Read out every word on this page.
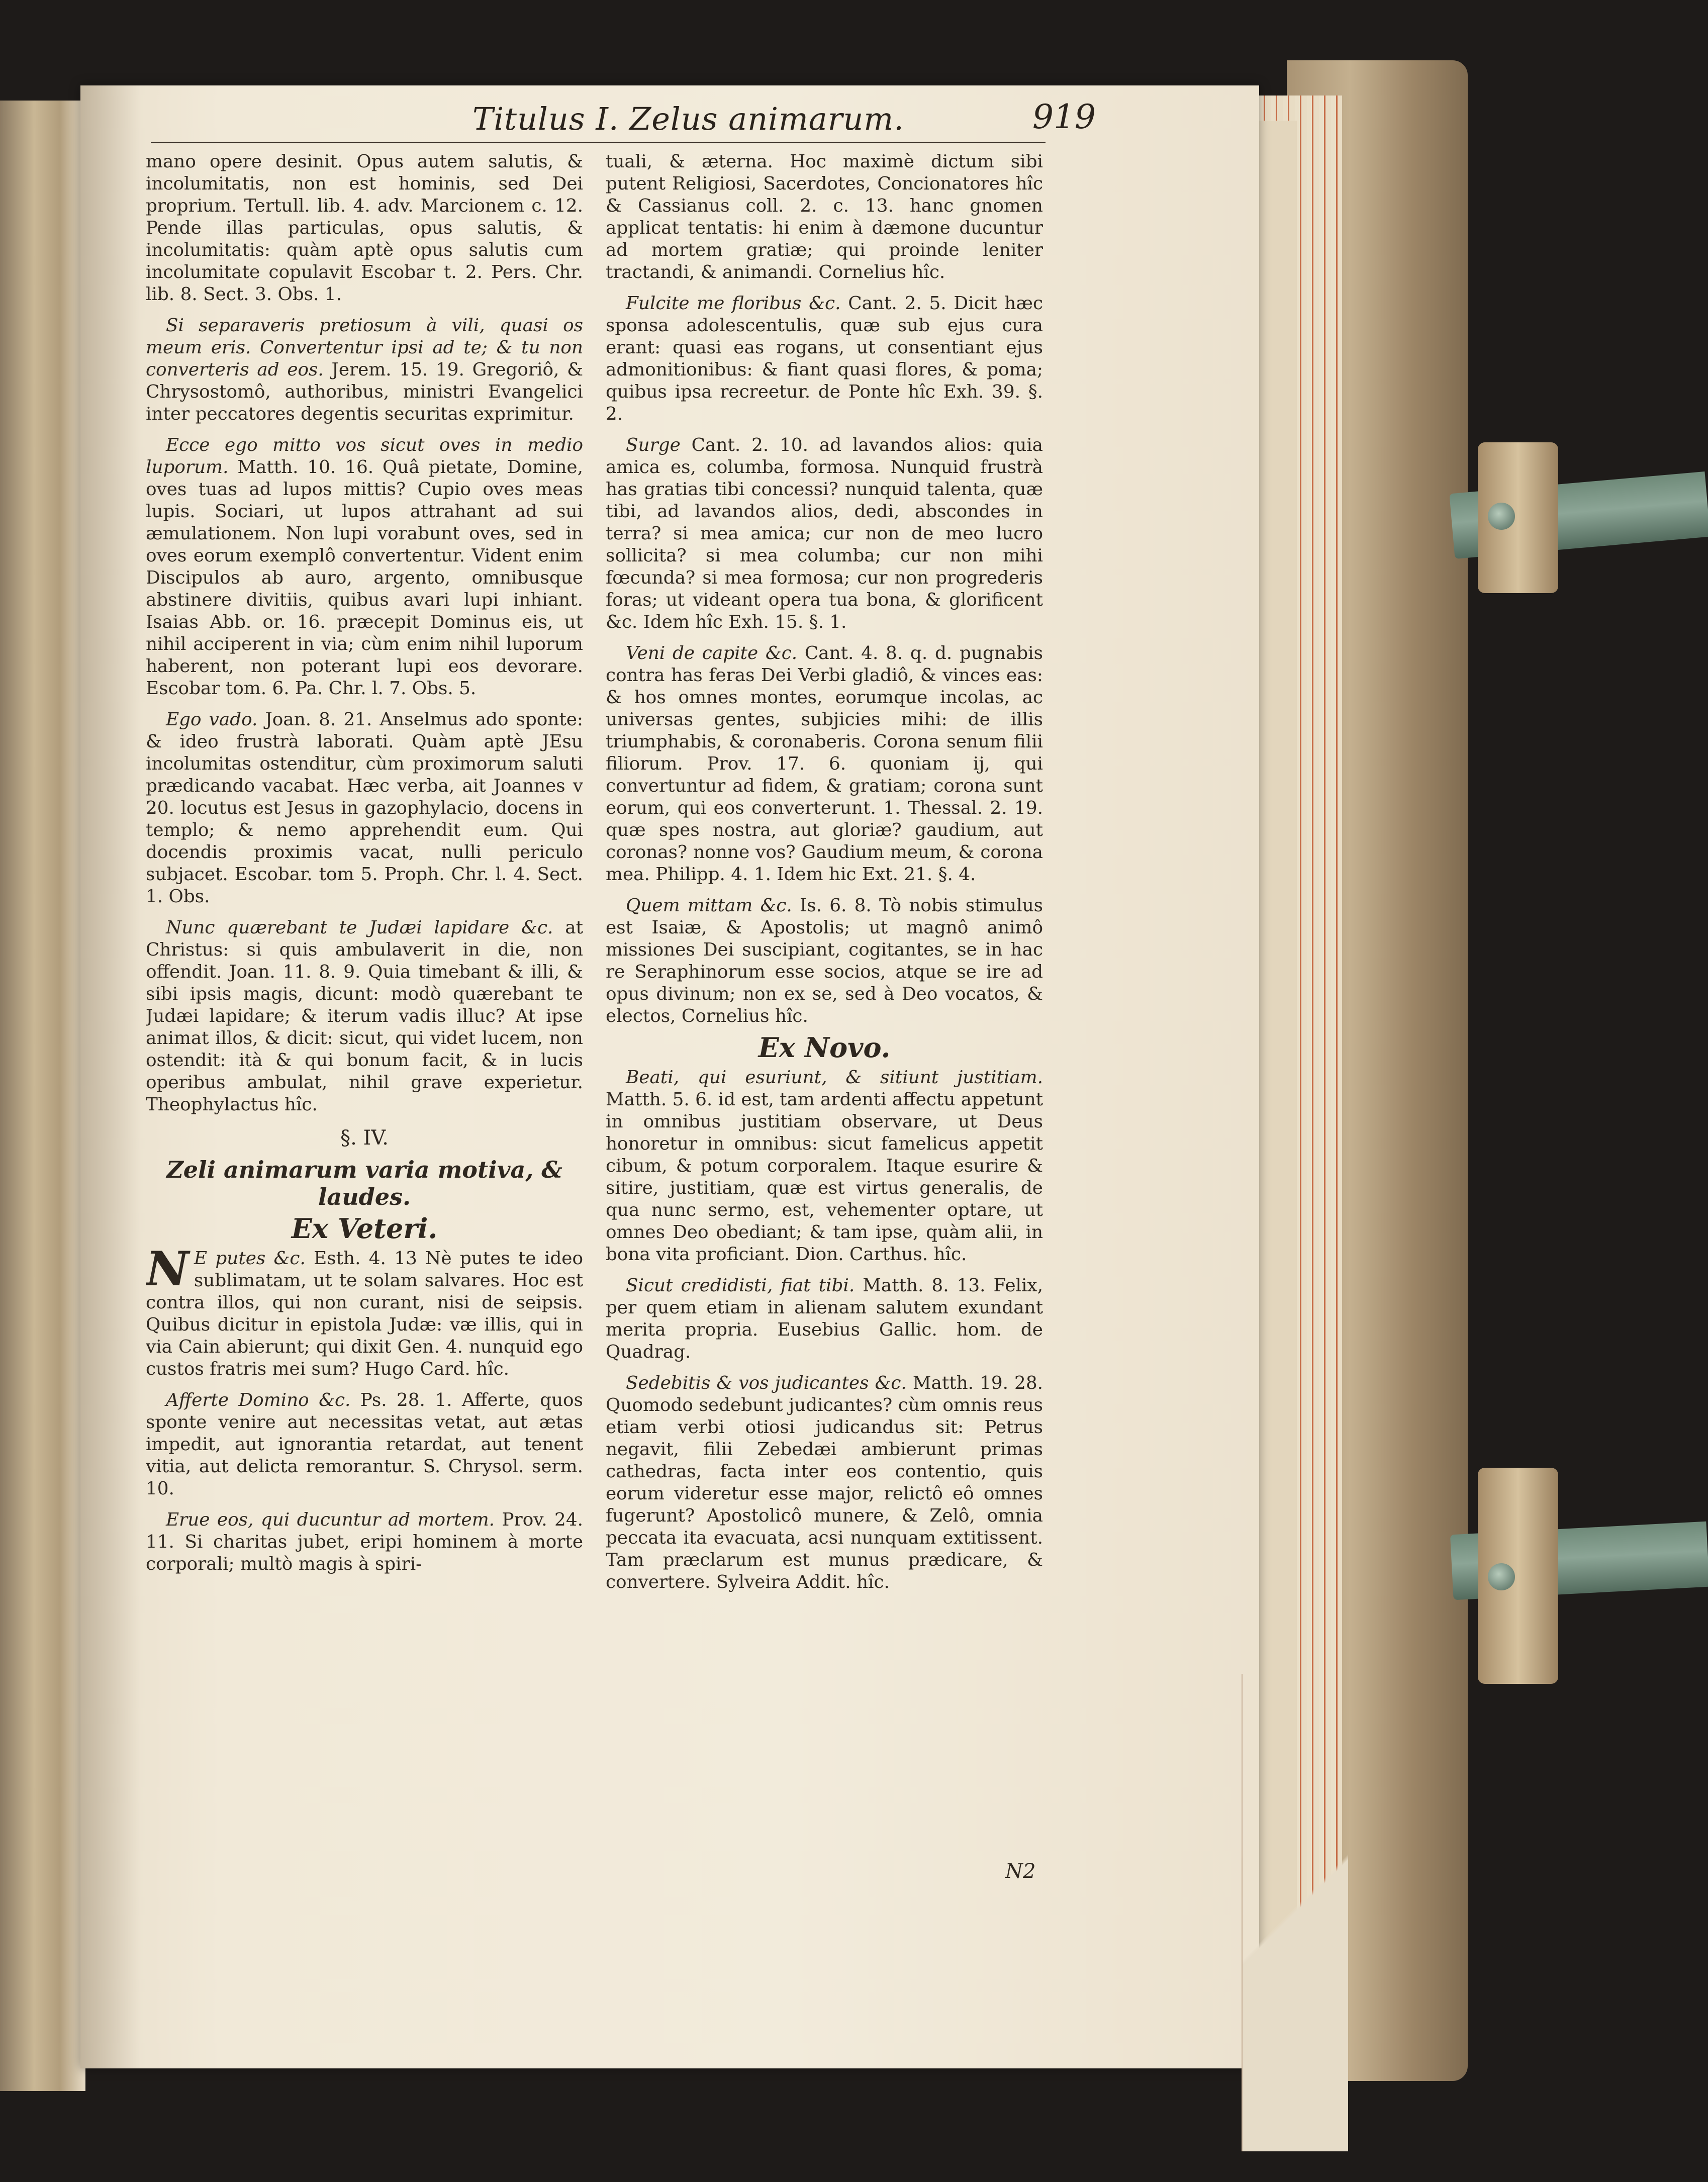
Titulus I. Zelus animarum.	919

mano opere desinit. Opus autem salutis, & incolumitatis, non est hominis, sed Dei proprium. Tertull. lib. 4. adv. Marcionem c. 12. Pende illas particulas, opus salutis, & incolumitatis: quàm aptè opus salutis cum incolumitate copulavit Escobar t. 2. Pers. Chr. lib. 8. Sect. 3. Obs. 1.

Si separaveris pretiosum à vili, quasi os meum eris. Convertentur ipsi ad te; & tu non converteris ad eos. Jerem. 15. 19. Gregoriô, & Chrysostomô, authoribus, ministri Evangelici inter peccatores degentis securitas exprimitur.

Ecce ego mitto vos sicut oves in medio luporum. Matth. 10. 16. Quâ pietate, Domine, oves tuas ad lupos mittis? Cupio oves meas lupis. Sociari, ut lupos attrahant ad sui æmulationem. Non lupi vorabunt oves, sed in oves eorum exemplô convertentur. Vident enim Discipulos ab auro, argento, omnibusque abstinere divitiis, quibus avari lupi inhiant. Isaias Abb. or. 16. præcepit Dominus eis, ut nihil acciperent in via; cùm enim nihil luporum haberent, non poterant lupi eos devorare. Escobar tom. 6. Pa. Chr. l. 7. Obs. 5.

Ego vado. Joan. 8. 21. Anselmus ado sponte: & ideo frustrà laborati. Quàm aptè JEsu incolumitas ostenditur, cùm proximorum saluti prædicando vacabat. Hæc verba, ait Joannes v 20. locutus est Jesus in gazophylacio, docens in templo; & nemo apprehendit eum. Qui docendis proximis vacat, nulli periculo subjacet. Escobar. tom 5. Proph. Chr. l. 4. Sect. 1. Obs.

Nunc quærebant te Judæi lapidare &c. at Christus: si quis ambulaverit in die, non offendit. Joan. 11. 8. 9. Quia timebant & illi, & sibi ipsis magis, dicunt: modò quærebant te Judæi lapidare; & iterum vadis illuc? At ipse animat illos, & dicit: sicut, qui videt lucem, non ostendit: ità & qui bonum facit, & in lucis operibus ambulat, nihil grave experietur. Theophylactus hîc.

§. IV.
Zeli animarum varia motiva, & laudes.
Ex Veteri.

N E putes &c. Esth. 4. 13 Nè putes te ideo sublimatam, ut te solam salvares. Hoc est contra illos, qui non curant, nisi de seipsis. Quibus dicitur in epistola Judæ: væ illis, qui in via Cain abierunt; qui dixit Gen. 4. nunquid ego custos fratris mei sum? Hugo Card. hîc.

Afferte Domino &c. Ps. 28. 1. Afferte, quos sponte venire aut necessitas vetat, aut ætas impedit, aut ignorantia retardat, aut tenent vitia, aut delicta remorantur. S. Chrysol. serm. 10.

Erue eos, qui ducuntur ad mortem. Prov. 24. 11. Si charitas jubet, eripi hominem à morte corporali; multò magis à spiri-

tuali, & æterna. Hoc maximè dictum sibi putent Religiosi, Sacerdotes, Concionatores hîc & Cassianus coll. 2. c. 13. hanc gnomen applicat tentatis: hi enim à dæmone ducuntur ad mortem gratiæ; qui proinde leniter tractandi, & animandi. Cornelius hîc.

Fulcite me floribus &c. Cant. 2. 5. Dicit hæc sponsa adolescentulis, quæ sub ejus cura erant: quasi eas rogans, ut consentiant ejus admonitionibus: & fiant quasi flores, & poma; quibus ipsa recreetur. de Ponte hîc Exh. 39. §. 2.

Surge Cant. 2. 10. ad lavandos alios: quia amica es, columba, formosa. Nunquid frustrà has gratias tibi concessi? nunquid talenta, quæ tibi, ad lavandos alios, dedi, abscondes in terra? si mea amica; cur non de meo lucro sollicita? si mea columba; cur non mihi fœcunda? si mea formosa; cur non progrederis foras; ut videant opera tua bona, & glorificent &c. Idem hîc Exh. 15. §. 1.

Veni de capite &c. Cant. 4. 8. q. d. pugnabis contra has feras Dei Verbi gladiô, & vinces eas: & hos omnes montes, eorumque incolas, ac universas gentes, subjicies mihi: de illis triumphabis, & coronaberis. Corona senum filii filiorum. Prov. 17. 6. quoniam ij, qui convertuntur ad fidem, & gratiam; corona sunt eorum, qui eos converterunt. 1. Thessal. 2. 19. quæ spes nostra, aut gloriæ? gaudium, aut coronas? nonne vos? Gaudium meum, & corona mea. Philipp. 4. 1. Idem hic Ext. 21. §. 4.

Quem mittam &c. Is. 6. 8. Tò nobis stimulus est Isaiæ, & Apostolis; ut magnô animô missiones Dei suscipiant, cogitantes, se in hac re Seraphinorum esse socios, atque se ire ad opus divinum; non ex se, sed à Deo vocatos, & electos, Cornelius hîc.

Ex Novo.

Beati, qui esuriunt, & sitiunt justitiam. Matth. 5. 6. id est, tam ardenti affectu appetunt in omnibus justitiam observare, ut Deus honoretur in omnibus: sicut famelicus appetit cibum, & potum corporalem. Itaque esurire & sitire, justitiam, quæ est virtus generalis, de qua nunc sermo, est, vehementer optare, ut omnes Deo obediant; & tam ipse, quàm alii, in bona vita proficiant. Dion. Carthus. hîc.

Sicut credidisti, fiat tibi. Matth. 8. 13. Felix, per quem etiam in alienam salutem exundant merita propria. Eusebius Gallic. hom. de Quadrag.

Sedebitis & vos judicantes &c. Matth. 19. 28. Quomodo sedebunt judicantes? cùm omnis reus etiam verbi otiosi judicandus sit: Petrus negavit, filii Zebedæi ambierunt primas cathedras, facta inter eos contentio, quis eorum videretur esse major, relictô eô omnes fugerunt? Apostolicô munere, & Zelô, omnia peccata ita evacuata, acsi nunquam extitissent. Tam præclarum est munus prædicare, & convertere. Sylveira Addit. hîc.

N2
